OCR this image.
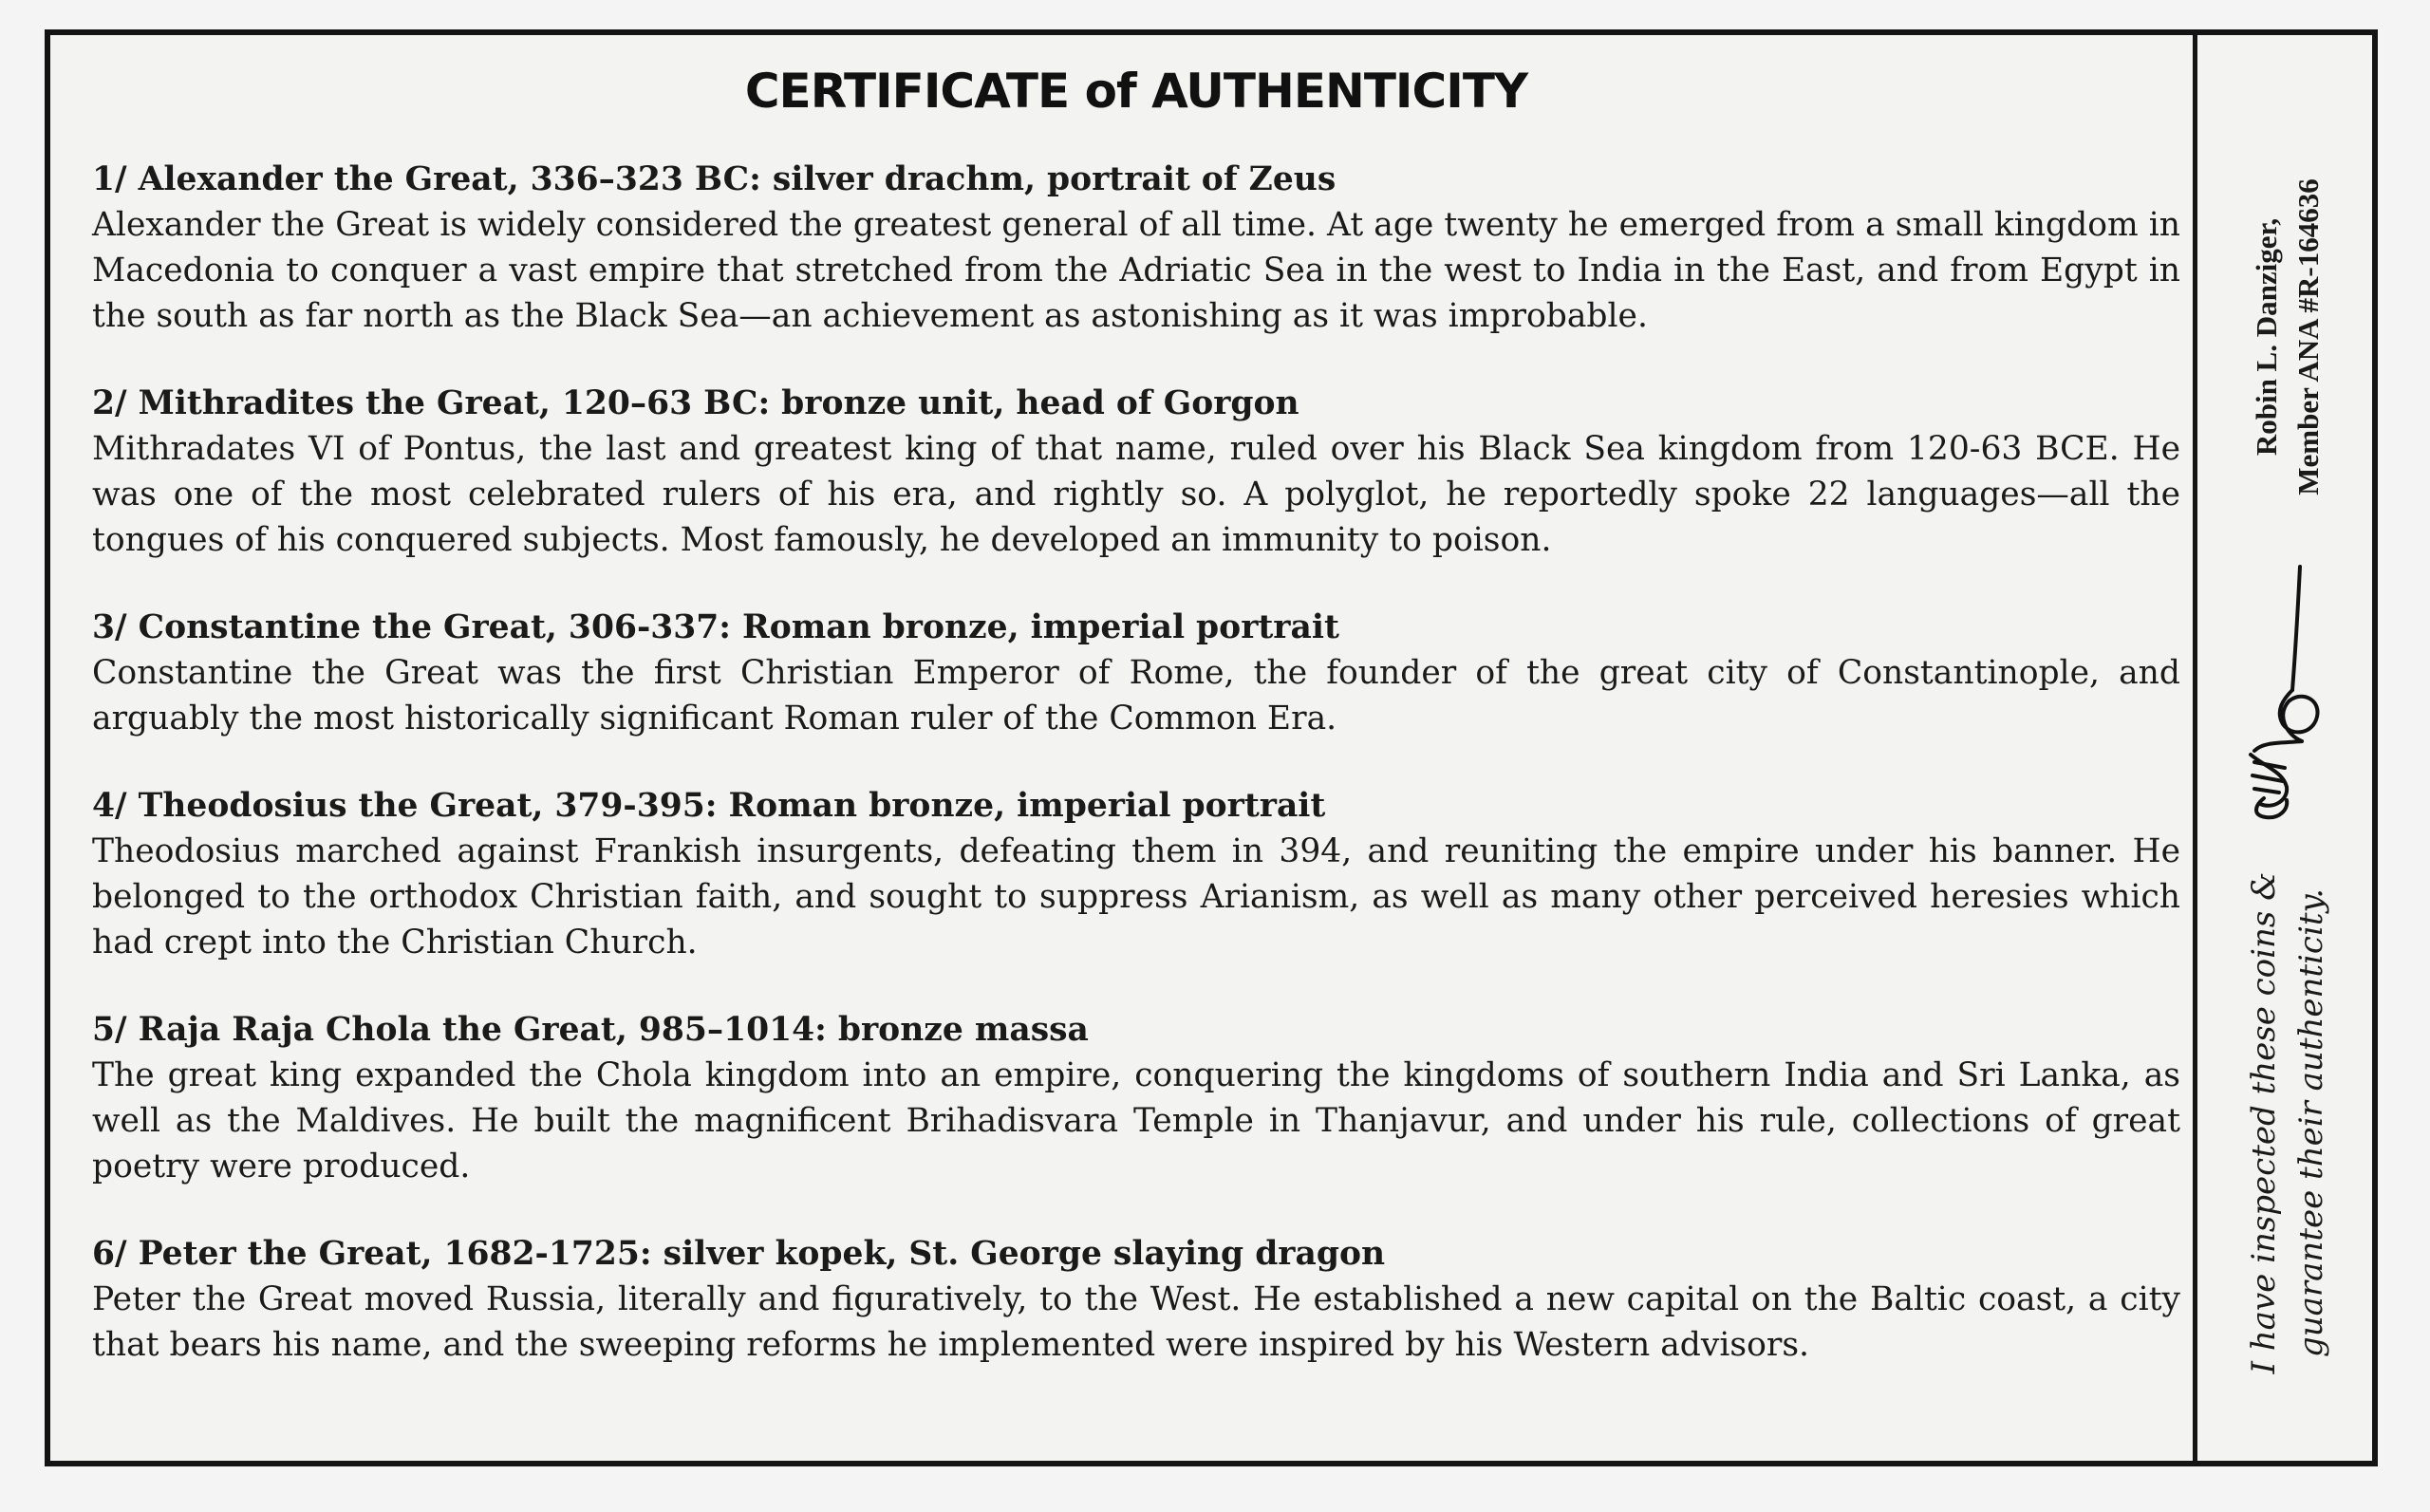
CERTIFICATE of AUTHENTICITY

1/ Alexander the Great, 336–323 BC: silver drachm, portrait of Zeus

Alexander the Great is widely considered the greatest general of all time. At age twenty he emerged from a small kingdom in Macedonia to conquer a vast empire that stretched from the Adriatic Sea in the west to India in the East, and from Egypt in the south as far north as the Black Sea—an achievement as astonishing as it was improbable.

2/ Mithradites the Great, 120–63 BC: bronze unit, head of Gorgon

Mithradates VI of Pontus, the last and greatest king of that name, ruled over his Black Sea kingdom from 120-63 BCE. He was one of the most celebrated rulers of his era, and rightly so. A polyglot, he reportedly spoke 22 languages—all the tongues of his conquered subjects. Most famously, he developed an immunity to poison.

3/ Constantine the Great, 306-337: Roman bronze, imperial portrait

Constantine the Great was the first Christian Emperor of Rome, the founder of the great city of Constantinople, and arguably the most historically significant Roman ruler of the Common Era.

4/ Theodosius the Great, 379-395: Roman bronze, imperial portrait

Theodosius marched against Frankish insurgents, defeating them in 394, and reuniting the empire under his banner. He belonged to the orthodox Christian faith, and sought to suppress Arianism, as well as many other perceived heresies which had crept into the Christian Church.

5/ Raja Raja Chola the Great, 985–1014: bronze massa

The great king expanded the Chola kingdom into an empire, conquering the kingdoms of southern India and Sri Lanka, as well as the Maldives. He built the magnificent Brihadisvara Temple in Thanjavur, and under his rule, collections of great poetry were produced.

6/ Peter the Great, 1682-1725: silver kopek, St. George slaying dragon

Peter the Great moved Russia, literally and figuratively, to the West. He established a new capital on the Baltic coast, a city that bears his name, and the sweeping reforms he implemented were inspired by his Western advisors.

Robin L. Danziger, Member ANA #R-164636
I have inspected these coins & guarantee their authenticity.
